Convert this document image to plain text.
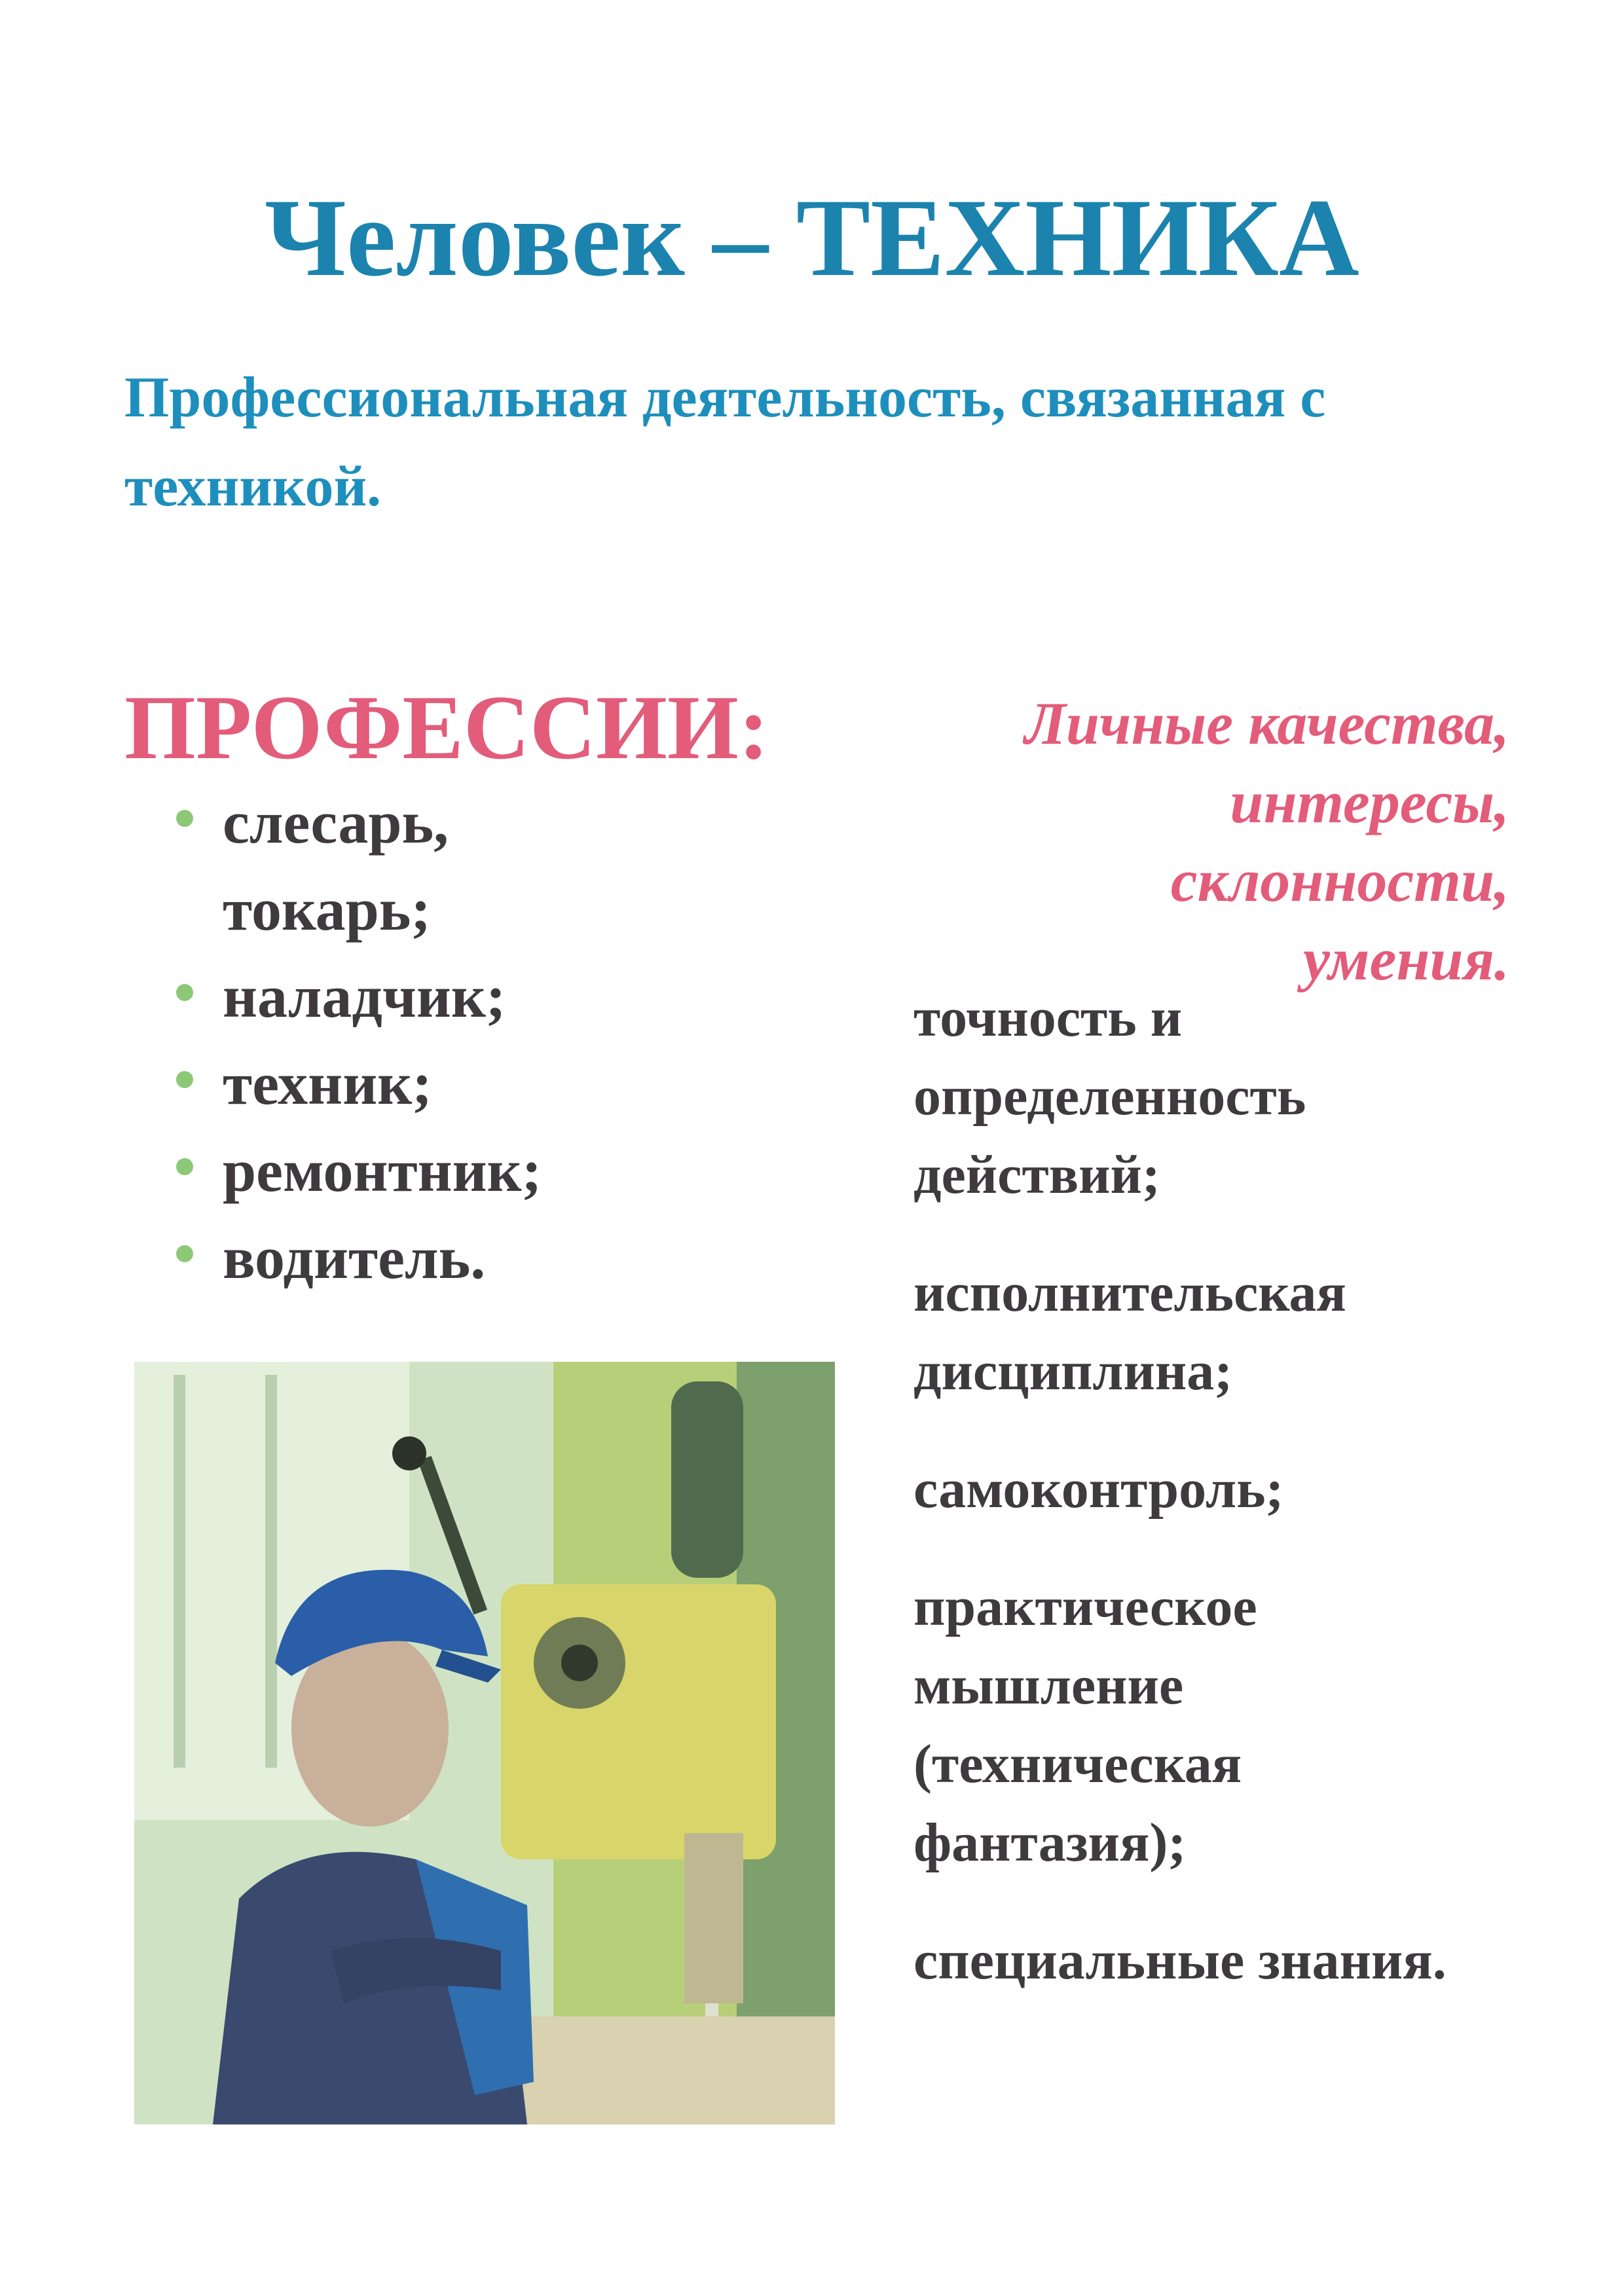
Человек – ТЕХНИКА

Профессиональная деятельность, связанная с техникой.

ПРОФЕССИИ:
слесарь, токарь;
наладчик;
техник;
ремонтник;
водитель.
Личные качества,
интересы,
склонности,
умения.

точность и определенность действий;

исполнительская дисциплина;

самоконтроль;

практическое мышление (техническая фантазия);

специальные знания.
